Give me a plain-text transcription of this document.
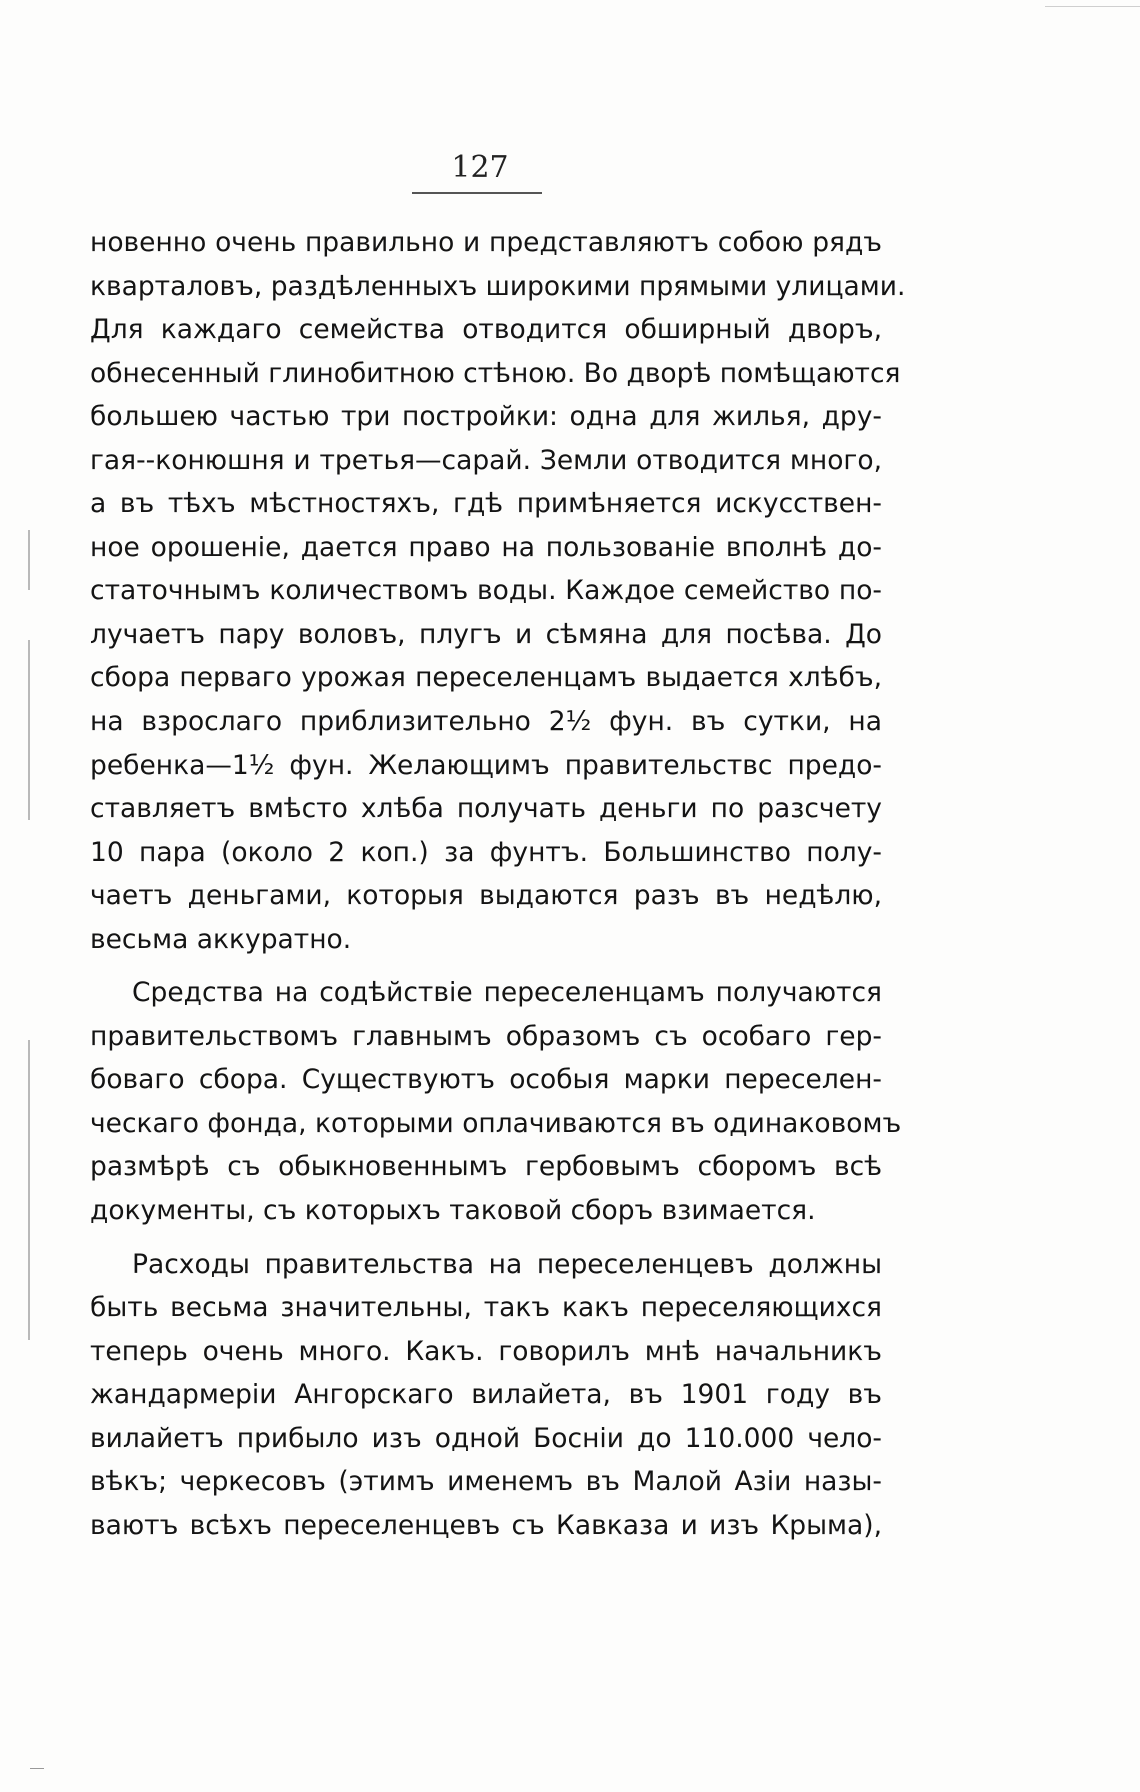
127
новенно очень правильно и представляютъ собою рядъ
кварталовъ, раздѣленныхъ широкими прямыми улицами.
Для каждаго семейства отводится обширный дворъ,
обнесенный глинобитною стѣною. Во дворѣ помѣщаются
большею частью три постройки: одна для жилья, дру-
гая--конюшня и третья—сарай. Земли отводится много,
а въ тѣхъ мѣстностяхъ, гдѣ примѣняется искусствен-
ное орошеніе, дается право на пользованіе вполнѣ до-
статочнымъ количествомъ воды. Каждое семейство по-
лучаетъ пару воловъ, плугъ и сѣмяна для посѣва. До
сбора перваго урожая переселенцамъ выдается хлѣбъ,
на взрослаго приблизительно 2½ фун. въ сутки, на
ребенка—1½ фун. Желающимъ правительствс предо-
ставляетъ вмѣсто хлѣба получать деньги по разсчету
10 пара (около 2 коп.) за фунтъ. Большинство полу-
чаетъ деньгами, которыя выдаются разъ въ недѣлю,
весьма аккуратно.
Средства на содѣйствіе переселенцамъ получаются
правительствомъ главнымъ образомъ съ особаго гер-
боваго сбора. Существуютъ особыя марки переселен-
ческаго фонда, которыми оплачиваются въ одинаковомъ
размѣрѣ съ обыкновеннымъ гербовымъ сборомъ всѣ
документы, съ которыхъ таковой сборъ взимается.
Расходы правительства на переселенцевъ должны
быть весьма значительны, такъ какъ переселяющихся
теперь очень много. Какъ. говорилъ мнѣ начальникъ
жандармеріи Ангорскаго вилайета, въ 1901 году въ
вилайетъ прибыло изъ одной Босніи до 110.000 чело-
вѣкъ; черкесовъ (этимъ именемъ въ Малой Азіи назы-
ваютъ всѣхъ переселенцевъ съ Кавказа и изъ Крыма),
